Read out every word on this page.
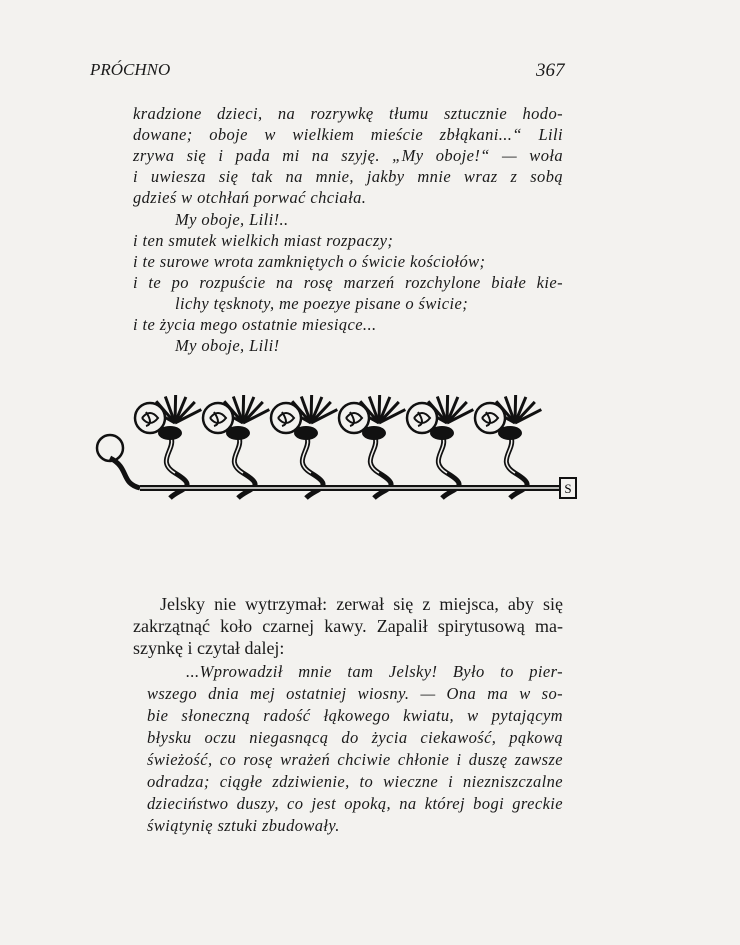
PRÓCHNO	367
kradzione dzieci, na rozrywkę tłumu sztucznie hodo-
dowane; oboje w wielkiem mieście zbłąkani...“ Lili
zrywa się i pada mi na szyję. „My oboje!“ — woła
i uwiesza się tak na mnie, jakby mnie wraz z sobą
gdzieś w otchłań porwać chciała.
My oboje, Lili!..
i ten smutek wielkich miast rozpaczy;
i te surowe wrota zamkniętych o świcie kościołów;
i te po rozpuście na rosę marzeń rozchylone białe kie-
lichy tęsknoty, me poezye pisane o świcie;
i te życia mego ostatnie miesiące...
My oboje, Lili!
S
Jelsky nie wytrzymał: zerwał się z miejsca, aby się
zakrzątnąć koło czarnej kawy. Zapalił spirytusową ma-
szynkę i czytał dalej:
...Wprowadził mnie tam Jelsky! Było to pier-
wszego dnia mej ostatniej wiosny. — Ona ma w so-
bie słoneczną radość łąkowego kwiatu, w pytającym
błysku oczu niegasnącą do życia ciekawość, pąkową
świeżość, co rosę wrażeń chciwie chłonie i duszę zawsze
odradza; ciągłe zdziwienie, to wieczne i niezniszczalne
dzieciństwo duszy, co jest opoką, na której bogi greckie
świątynię sztuki zbudowały.
